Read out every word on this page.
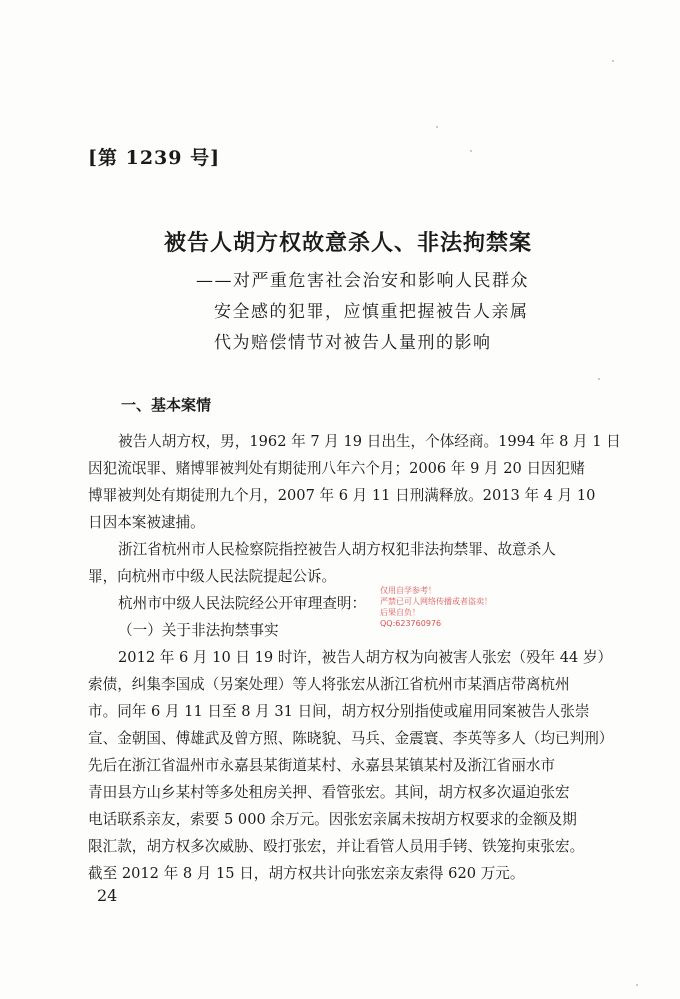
[第 1239 号]
被告人胡方权故意杀人、非法拘禁案
——对严重危害社会治安和影响人民群众
安全感的犯罪，应慎重把握被告人亲属
代为赔偿情节对被告人量刑的影响
一、基本案情
被告人胡方权，男，1962 年 7 月 19 日出生，个体经商。1994 年 8 月 1 日
因犯流氓罪、赌博罪被判处有期徒刑八年六个月；2006 年 9 月 20 日因犯赌
博罪被判处有期徒刑九个月，2007 年 6 月 11 日刑满释放。2013 年 4 月 10
日因本案被逮捕。
浙江省杭州市人民检察院指控被告人胡方权犯非法拘禁罪、故意杀人
罪，向杭州市中级人民法院提起公诉。
杭州市中级人民法院经公开审理查明：
（一）关于非法拘禁事实
2012 年 6 月 10 日 19 时许，被告人胡方权为向被害人张宏（殁年 44 岁）
索债，纠集李国成（另案处理）等人将张宏从浙江省杭州市某酒店带离杭州
市。同年 6 月 11 日至 8 月 31 日间，胡方权分别指使或雇用同案被告人张崇
宣、金朝国、傅雄武及曾方照、陈晓貌、马兵、金震寰、李英等多人（均已判刑）
先后在浙江省温州市永嘉县某街道某村、永嘉县某镇某村及浙江省丽水市
青田县方山乡某村等多处租房关押、看管张宏。其间，胡方权多次逼迫张宏
电话联系亲友，索要 5 000 余万元。因张宏亲属未按胡方权要求的金额及期
限汇款，胡方权多次威胁、殴打张宏，并让看管人员用手铐、铁笼拘束张宏。
截至 2012 年 8 月 15 日，胡方权共计向张宏亲友索得 620 万元。
仅用自学参考！
严禁已可人网络传播或者盗卖！
后果自负！
QQ:623760976
24
